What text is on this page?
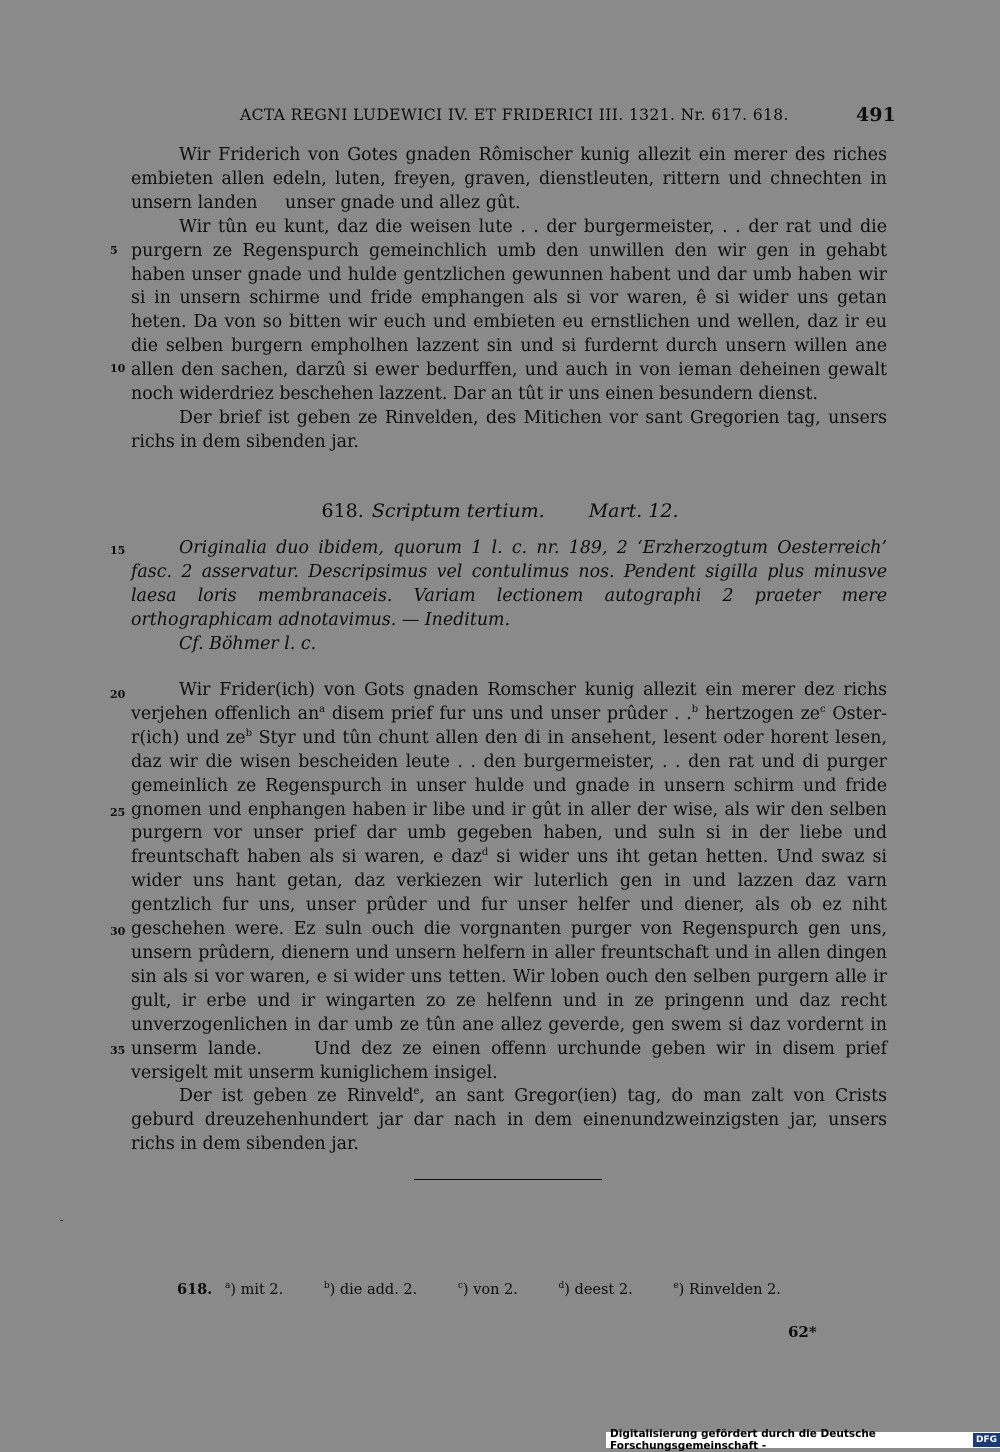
ACTA REGNI LUDEWICI IV. ET FRIDERICI III. 1321. Nr. 617. 618.	491

Wir Friderich von Gotes gnaden Rômischer kunig allezit ein merer des riches     embieten allen edeln, luten, freyen, graven, dienstleuten, rittern und chnechten in unsern landen     unser gnade und allez gût.

Wir tûn eu kunt, daz die weisen lute . . der burgermeister, . . der rat und die purgern ze Regenspurch gemeinchlich umb den unwillen den wir gen in gehabt haben unser gnade und hulde gentzlichen gewunnen habent und dar umb haben wir si in unsern schirme und fride emphangen als si vor waren, ê si wider uns getan heten. Da von so bitten wir euch und embieten eu ernstlichen und wellen, daz ir eu die selben burgern empholhen lazzent sin und si furdernt durch unsern willen ane allen den sachen, darzû si ewer bedurffen, und auch in von ieman deheinen gewalt noch widerdriez beschehen lazzent. Dar an tût ir uns einen besundern dienst.

Der brief ist geben ze Rinvelden, des Mitichen vor sant Gregorien tag, unsers richs in dem sibenden jar.

5
10
15
20
25
30
35
618. Scriptum tertium. Mart. 12.

Originalia duo ibidem, quorum 1 l. c. nr. 189, 2 ‘Erzherzogtum Oesterreich’ fasc. 2 asservatur. Descripsimus vel contulimus nos. Pendent sigilla plus minusve laesa loris membranaceis. Variam lectionem autographi 2 praeter mere orthographicam adnotavimus. — Ineditum.

Cf. Böhmer l. c.

Wir Frider(ich) von Gots gnaden Romscher kunig allezit ein merer dez richs verjehen offenlich $an^a$ disem prief fur uns und unser prûder . .$^b$ hertzogen $ze^c$ Oster-r(ich) und $ze^b$ Styr und tûn chunt allen den di in ansehent, lesent oder horent lesen, daz wir die wisen bescheiden leute . . den burgermeister, . . den rat und di purger gemeinlich ze Regenspurch in unser hulde und gnade in unsern schirm und fride gnomen und enphangen haben ir libe und ir gût in aller der wise, als wir den selben purgern vor unser prief dar umb gegeben haben, und suln si in der liebe und freuntschaft haben als si waren, e daz$^d$ si wider uns iht getan hetten. Und swaz si wider uns hant getan, daz verkiezen wir luterlich gen in und lazzen daz varn gentzlich fur uns, unser prûder und fur unser helfer und diener, als ob ez niht geschehen were. Ez suln ouch die vorgnanten purger von Regenspurch gen uns, unsern prûdern, dienern und unsern helfern in aller freuntschaft und in allen dingen sin als si vor waren, e si wider uns tetten. Wir loben ouch den selben purgern alle ir gult, ir erbe und ir wingarten zo ze helfenn und in ze pringenn und daz recht unverzogenlichen in dar umb ze tûn ane allez geverde, gen swem si daz vordernt in unserm lande.     Und dez ze einen offenn urchunde geben wir in disem prief versigelt mit unserm kuniglichem insigel.

Der ist geben ze Rinveld$^e$, an sant Gregor(ien) tag, do man zalt von Crists geburd dreuzehenhundert jar dar nach in dem einenundzweinzigsten jar, unsers richs in dem sibenden jar.

618. $^a$) mit 2.	$^b$) die add. 2.	$^c$) von 2.	$^d$) deest 2.	$^e$) Rinvelden 2.
62*
Digitalisierung gefördert durch die Deutsche Forschungsgemeinschaft -	DFG
